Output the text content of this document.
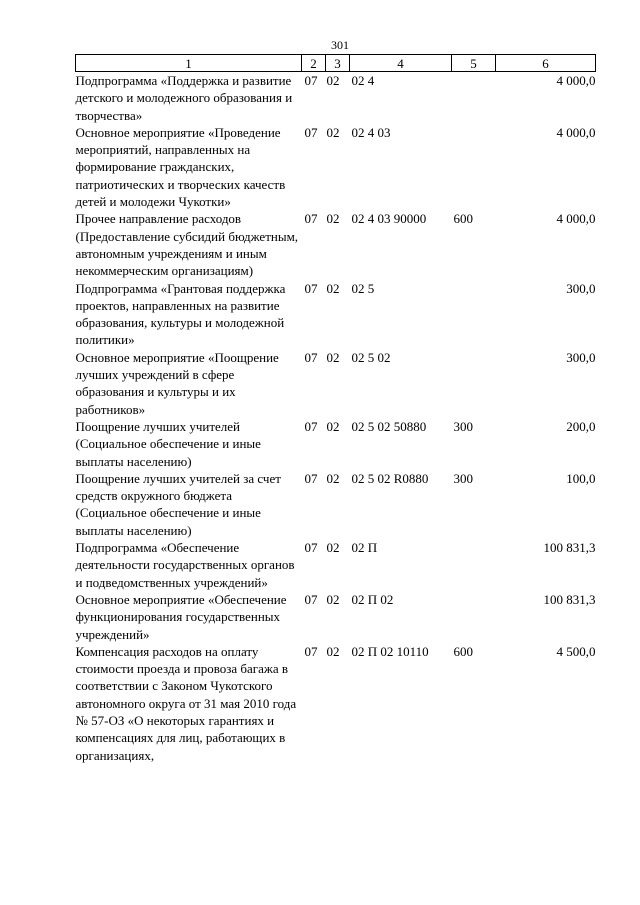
301
1	2	3	4	5	6
Подпрограмма «Поддержка и развитие детского и молодежного образования и творчества»	07	02	02 4		4 000,0
Основное мероприятие «Проведение мероприятий, направленных на формирование гражданских, патриотических и творческих качеств детей и молодежи Чукотки»	07	02	02 4 03		4 000,0
Прочее направление расходов (Предоставление субсидий бюджетным, автономным учреждениям и иным некоммерческим организациям)	07	02	02 4 03 90000	600	4 000,0
Подпрограмма «Грантовая поддержка проектов, направленных на развитие образования, культуры и молодежной политики»	07	02	02 5		300,0
Основное мероприятие «Поощрение лучших учреждений в сфере образования и культуры и их работников»	07	02	02 5 02		300,0
Поощрение лучших учителей (Социальное обеспечение и иные выплаты населению)	07	02	02 5 02 50880	300	200,0
Поощрение лучших учителей за счет средств окружного бюджета (Социальное обеспечение и иные выплаты населению)	07	02	02 5 02 R0880	300	100,0
Подпрограмма «Обеспечение деятельности государственных органов и подведомственных учреждений»	07	02	02 П		100 831,3
Основное мероприятие «Обеспечение функционирования государственных учреждений»	07	02	02 П 02		100 831,3
Компенсация расходов на оплату стоимости проезда и провоза багажа в соответствии с Законом Чукотского автономного округа от 31 мая 2010 года № 57-ОЗ «О некоторых гарантиях и компенсациях для лиц, работающих в организациях,	07	02	02 П 02 10110	600	4 500,0
